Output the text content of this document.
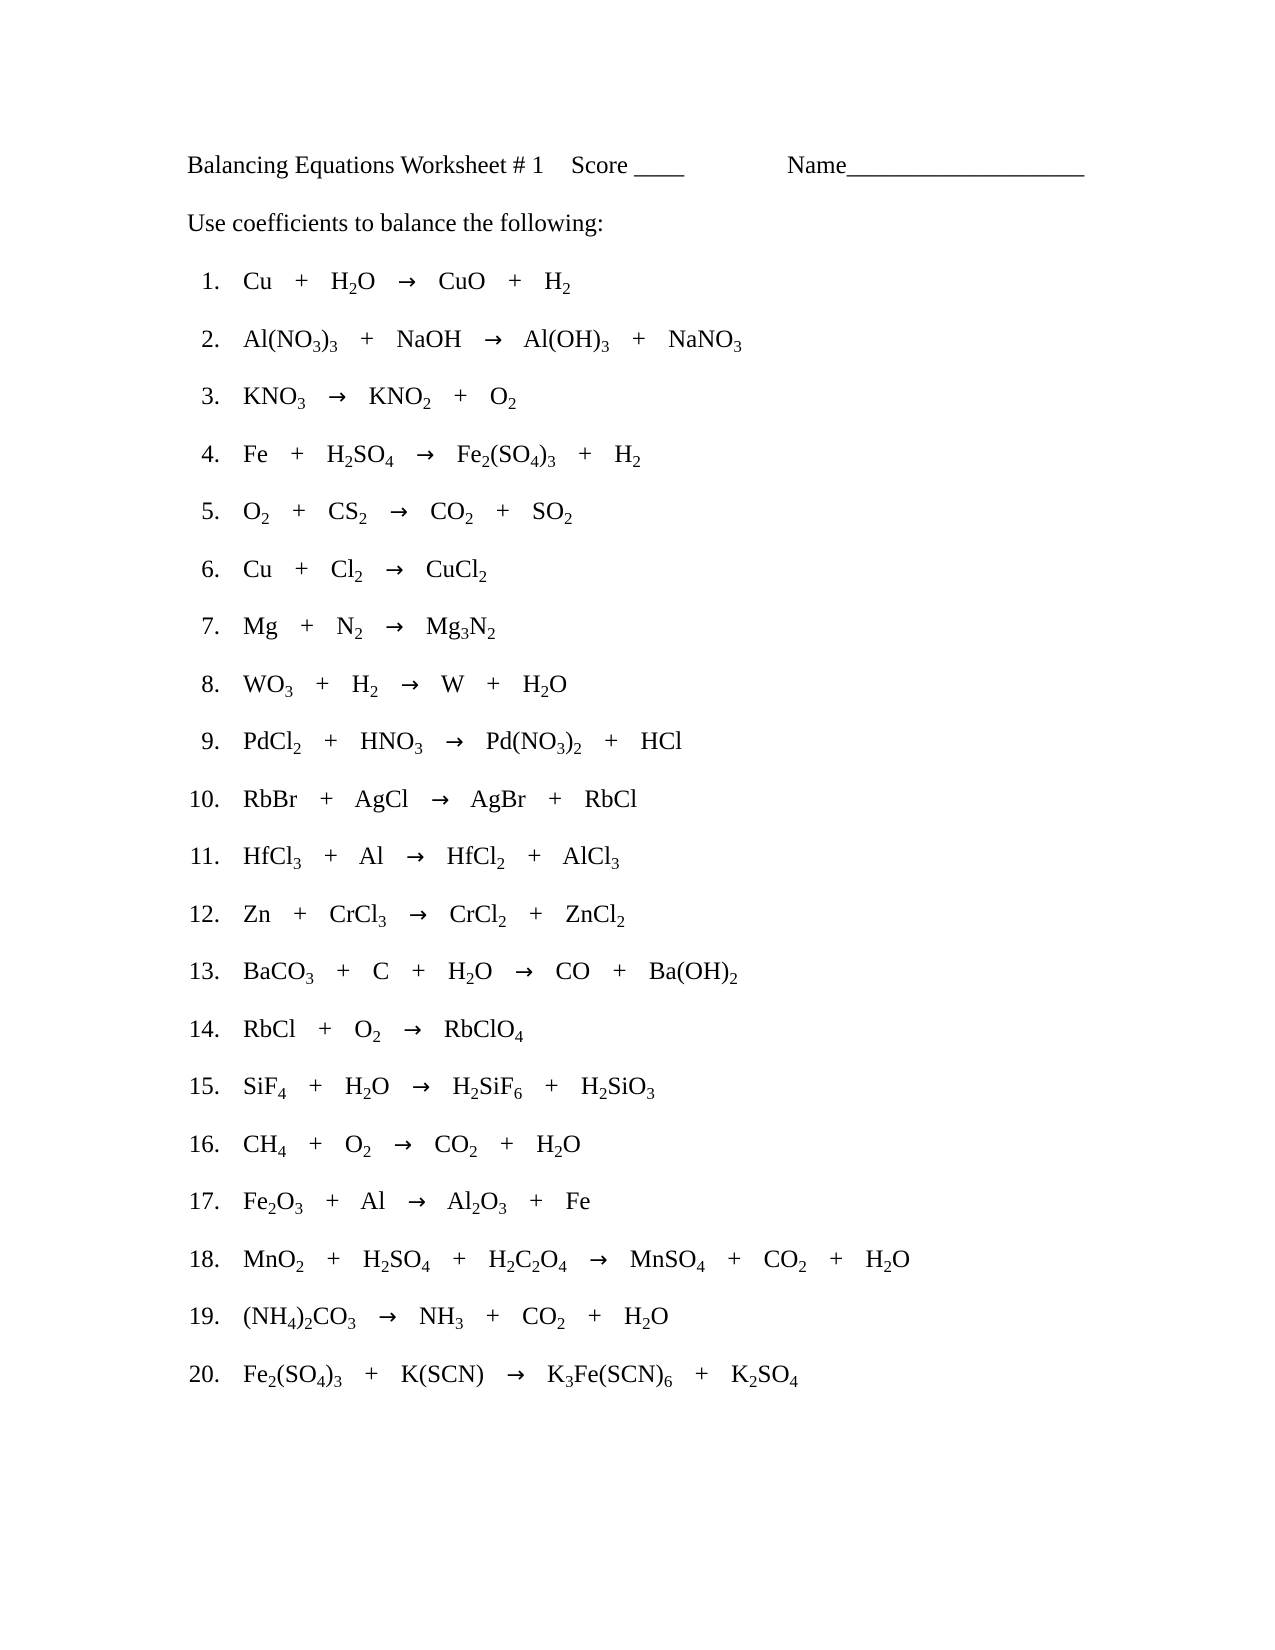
Balancing Equations Worksheet # 1 Score ____	Name___________________
Use coefficients to balance the following:
1. $Cu + H_2O$ → CuO + $H_2$
2. $Al(NO_3)_3$ + NaOH → $Al(OH)_3$ + NaNO$_3$
3. $KNO_3 \to KNO_2 + O_2$
4. $Fe + H_2SO_4 \to Fe_2(SO_4)_3 + H_2$
5. $O_2 + CS_2 \to CO_2 + SO_2$
6. $Cu + Cl_2$ → CuCl$_2$
7. $Mg + N_2 \to Mg_3N_2$
8. $WO_3 + H_2 \to W + H_2O$
9. PdCl$_2$ + $HNO_3 \to Pd(NO_3)_2$ + HCl
10. RbBr + AgCl → AgBr + RbCl
11. HfCl$_3$ + Al → HfCl$_2$ + AlCl$_3$
12. Zn + CrCl$_3$ → CrCl$_2$ + ZnCl$_2$
13. BaCO$_3$ + $C + H_2O$ → CO + $Ba(OH)_2$
14. RbCl + $O_2$ → RbClO$_4$
15. $SiF_4 + H_2O \to H_2SiF_6 + H_2SiO_3$
16. $CH_4 + O_2 \to CO_2 + H_2O$
17. $Fe_2O_3 + Al \to Al_2O_3 + Fe$
18. $MnO_2 + H_2SO_4 + H_2C_2O_4$ → MnSO$_4$ + $CO_2 + H_2O$
19. $(NH_4)_2CO_3 \to NH_3 + CO_2 + H_2O$
20. $Fe_2(SO_4)_3 + K(SCN) \to K_3Fe(SCN)_6 + K_2SO_4$
